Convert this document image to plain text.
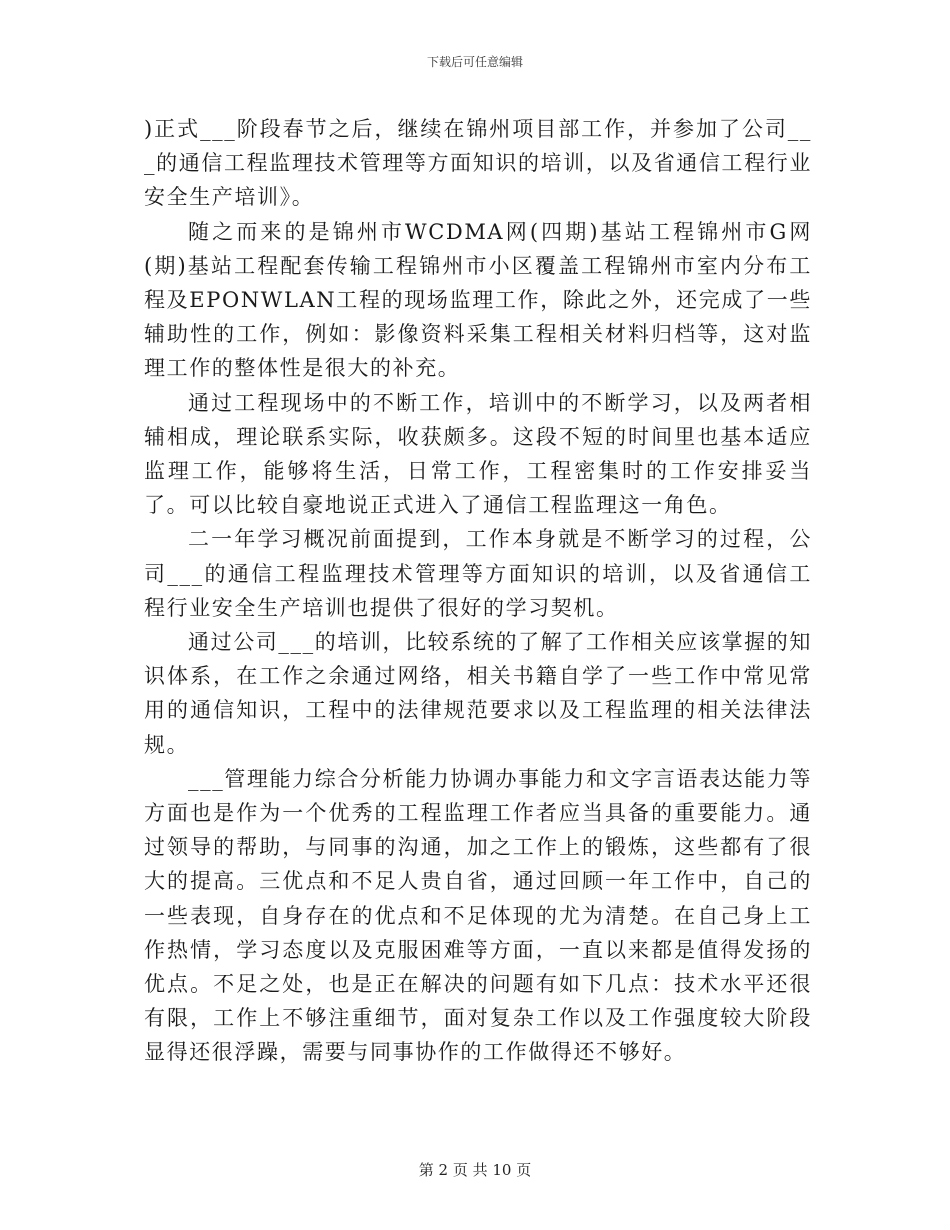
下载后可任意编辑

)正式___阶段春节之后，继续在锦州项目部工作，并参加了公司___的通信工程监理技术管理等方面知识的培训，以及省通信工程行业安全生产培训》。

随之而来的是锦州市WCDMA网(四期)基站工程锦州市G网(期)基站工程配套传输工程锦州市小区覆盖工程锦州市室内分布工程及EPONWLAN工程的现场监理工作，除此之外，还完成了一些辅助性的工作，例如：影像资料采集工程相关材料归档等，这对监理工作的整体性是很大的补充。

通过工程现场中的不断工作，培训中的不断学习，以及两者相辅相成，理论联系实际，收获颇多。这段不短的时间里也基本适应监理工作，能够将生活，日常工作，工程密集时的工作安排妥当了。可以比较自豪地说正式进入了通信工程监理这一角色。

二一年学习概况前面提到，工作本身就是不断学习的过程，公司___的通信工程监理技术管理等方面知识的培训，以及省通信工程行业安全生产培训也提供了很好的学习契机。

通过公司___的培训，比较系统的了解了工作相关应该掌握的知识体系，在工作之余通过网络，相关书籍自学了一些工作中常见常用的通信知识，工程中的法律规范要求以及工程监理的相关法律法规。

___管理能力综合分析能力协调办事能力和文字言语表达能力等方面也是作为一个优秀的工程监理工作者应当具备的重要能力。通过领导的帮助，与同事的沟通，加之工作上的锻炼，这些都有了很大的提高。三优点和不足人贵自省，通过回顾一年工作中，自己的一些表现，自身存在的优点和不足体现的尤为清楚。在自己身上工作热情，学习态度以及克服困难等方面，一直以来都是值得发扬的优点。不足之处，也是正在解决的问题有如下几点：技术水平还很有限，工作上不够注重细节，面对复杂工作以及工作强度较大阶段显得还很浮躁，需要与同事协作的工作做得还不够好。

第 2 页 共 10 页
